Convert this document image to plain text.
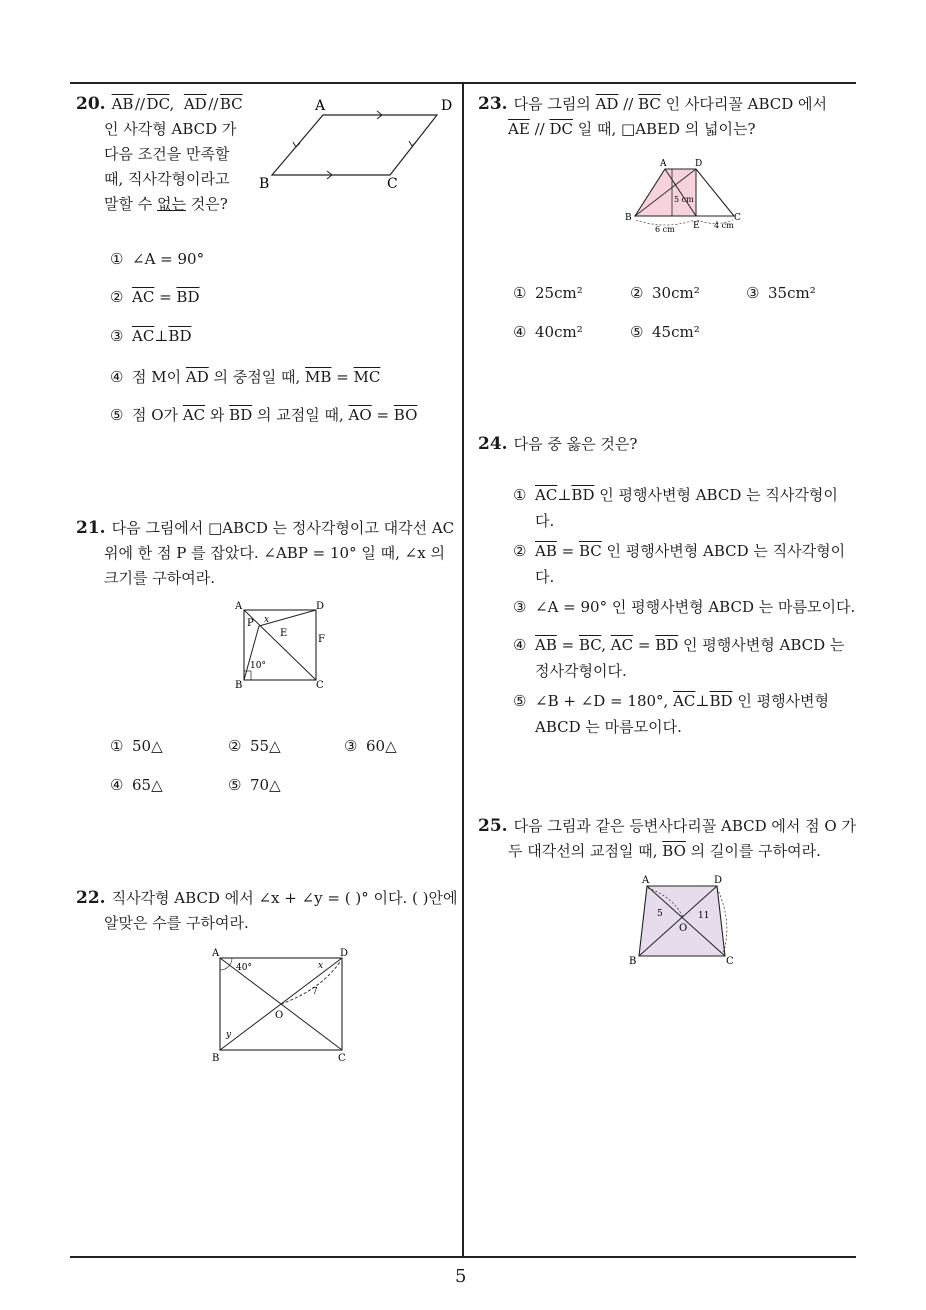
5
20. $\overline{AB}$  //  $\overline{DC}$, $\overline{AD}$  //  $\overline{BC}$
인 사각형 ABCD 가
다음 조건을 만족할
때, 직사각형이라고
말할 수 없는 것은?
A	D
B	C
① ∠A = 90°
② $\overline{AC} = \overline{BD}$
③ $\overline{AC}\perp\overline{BD}$
④ 점 M이 $\overline{AD}$ 의 중점일 때, $\overline{MB} = \overline{MC}$
⑤ 점 O가 $\overline{AC}$ 와 $\overline{BD}$ 의 교점일 때, $\overline{AO} = \overline{BO}$
21. 다음 그림에서 □ABCD 는 정사각형이고 대각선 AC
위에 한 점 P 를 잡았다. ∠ABP = 10° 일 때, ∠x 의
크기를 구하여라.
A	D
B	C
P
E
F
x
10°
① 50△	② 55△	③ 60△
④ 65△	⑤ 70△
22. 직사각형 ABCD 에서 ∠x + ∠y = ( )° 이다. ( )안에
알맞은 수를 구하여라.
A	D
B	C
O
40°	x
y
7
23. 다음 그림의 $\overline{AD} // \overline{BC}$ 인 사다리꼴 ABCD 에서
$\overline{AE} // \overline{DC}$ 일 때, □ABED 의 넓이는?
A	D
B	C
E
5 cm
6 cm	4 cm
① 25cm²	② 30cm²	③ 35cm²
④ 40cm²	⑤ 45cm²
24. 다음 중 옳은 것은?
① $\overline{AC}\perp\overline{BD}$ 인 평행사변형 ABCD 는 직사각형이
다.
② $\overline{AB} = \overline{BC}$ 인 평행사변형 ABCD 는 직사각형이
다.
③ ∠A = 90° 인 평행사변형 ABCD 는 마름모이다.
④ $\overline{AB} = \overline{BC}$, $\overline{AC} = \overline{BD}$ 인 평행사변형 ABCD 는
정사각형이다.
⑤ ∠B + ∠D = 180°, $\overline{AC}\perp\overline{BD}$ 인 평행사변형
ABCD 는 마름모이다.
25. 다음 그림과 같은 등변사다리꼴 ABCD 에서 점 O 가
두 대각선의 교점일 때, $\overline{BO}$ 의 길이를 구하여라.
A	D
B	C
O
5	11
